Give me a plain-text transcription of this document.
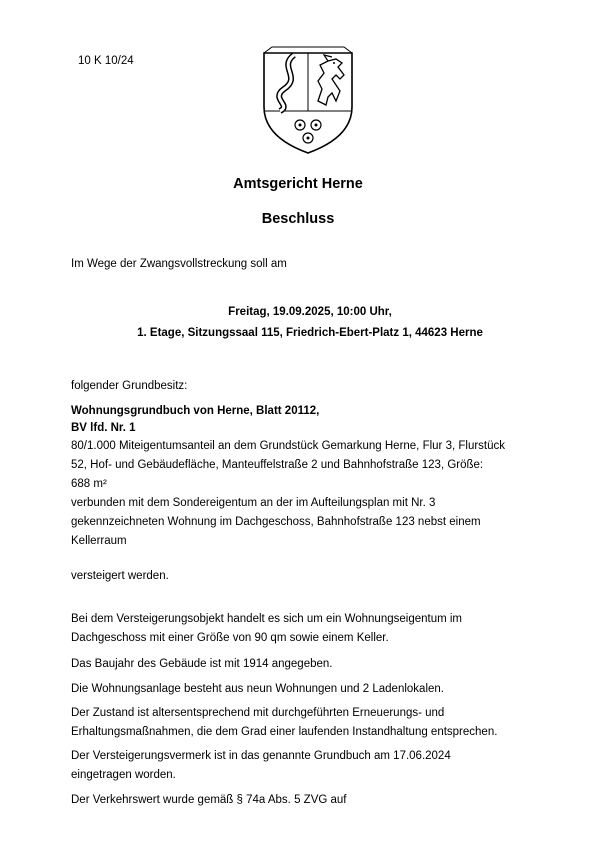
10 K 10/24
Amtsgericht Herne
Beschluss
Im Wege der Zwangsvollstreckung soll am
Freitag, 19.09.2025, 10:00 Uhr,
1. Etage, Sitzungssaal 115, Friedrich-Ebert-Platz 1, 44623 Herne
folgender Grundbesitz:
Wohnungsgrundbuch von Herne, Blatt 20112,
BV lfd. Nr. 1
80/1.000 Miteigentumsanteil an dem Grundstück Gemarkung Herne, Flur 3, Flurstück
52, Hof- und Gebäudefläche, Manteuffelstraße 2 und Bahnhofstraße 123, Größe:
688 m²
verbunden mit dem Sondereigentum an der im Aufteilungsplan mit Nr. 3
gekennzeichneten Wohnung im Dachgeschoss, Bahnhofstraße 123 nebst einem
Kellerraum
versteigert werden.
Bei dem Versteigerungsobjekt handelt es sich um ein Wohnungseigentum im
Dachgeschoss mit einer Größe von 90 qm sowie einem Keller.
Das Baujahr des Gebäude ist mit 1914 angegeben.
Die Wohnungsanlage besteht aus neun Wohnungen und 2 Ladenlokalen.
Der Zustand ist altersentsprechend mit durchgeführten Erneuerungs- und
Erhaltungsmaßnahmen, die dem Grad einer laufenden Instandhaltung entsprechen.
Der Versteigerungsvermerk ist in das genannte Grundbuch am 17.06.2024
eingetragen worden.
Der Verkehrswert wurde gemäß § 74a Abs. 5 ZVG auf
